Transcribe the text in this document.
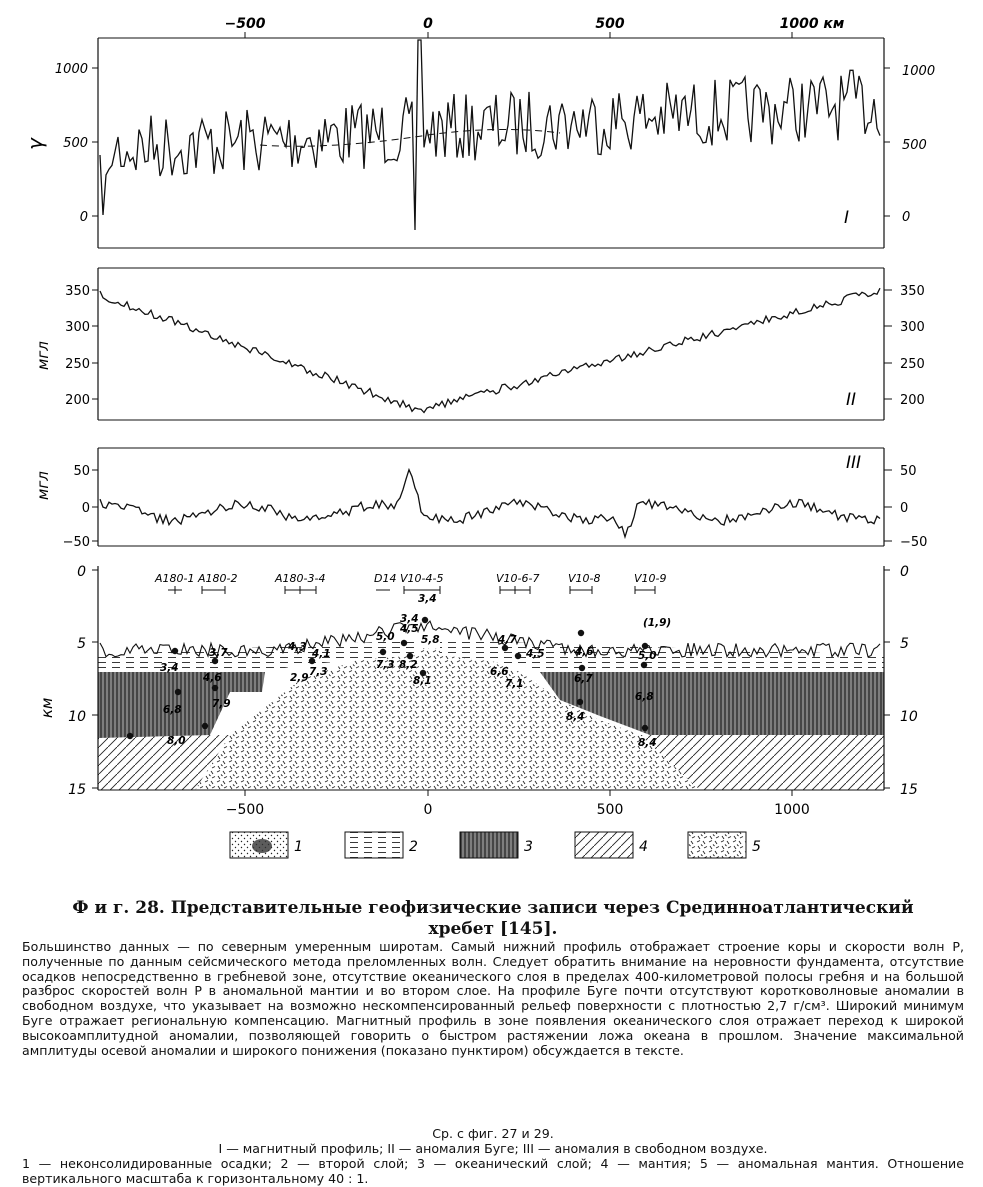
−500	0	500	1000 км
1000
500
0
1000
500
0
γ
I
350
300
250
200
350
300
250
200
мгл
II
50
0
−50
50
0
−50
мгл
III
0
5
10
15
0
5
10
15
км
−500	0	500	1000
A180-1 A180-2	A180-3-4	D14 V10-4-5	V10-6-7	V10-8	V10-9
3,4
4,3
4,1
5,0
4,5
4,7
4,5	4,6
(1,9)
5,0
3,4
3,7
4,6
7,9
6,8
8,0
2,9 7,3
7,3 8,2
8,1
5,8
6,6
7,1	6,7
6,8
8,4
8,4
3,4
1	2	3	4	5
Ф и г. 28. Представительные геофизические записи через Срединноатлантический
хребет [145].
Большинство данных — по северным умеренным широтам. Самый нижний профиль отображает строение коры и скорости волн P, полученные по данным сейсмического метода преломленных волн. Следует обратить внимание на неровности фундамента, отсутствие осадков непосредственно в гребневой зоне, отсутствие океанического слоя в пределах 400-километровой полосы гребня и на большой разброс скоростей волн P в аномальной мантии и во втором слое. На профиле Буге почти отсутствуют коротковолновые аномалии в свободном воздухе, что указывает на возможно нескомпенсированный рельеф поверхности с плотностью 2,7 г/см³. Широкий минимум Буге отражает региональную компенсацию. Магнитный профиль в зоне появления океанического слоя отражает переход к широкой высокоамплитудной аномалии, позволяющей говорить о быстром растяжении ложа океана в прошлом. Значение максимальной амплитуды осевой аномалии и широкого понижения (показано пунктиром) обсуждается в тексте.
Ср. с фиг. 27 и 29.
I — магнитный профиль; II — аномалия Буге; III — аномалия в свободном воздухе.
1 — неконсолидированные осадки; 2 — второй слой; 3 — океанический слой; 4 — мантия; 5 — аномальная мантия. Отношение вертикального масштаба к горизонтальному 40 : 1.
